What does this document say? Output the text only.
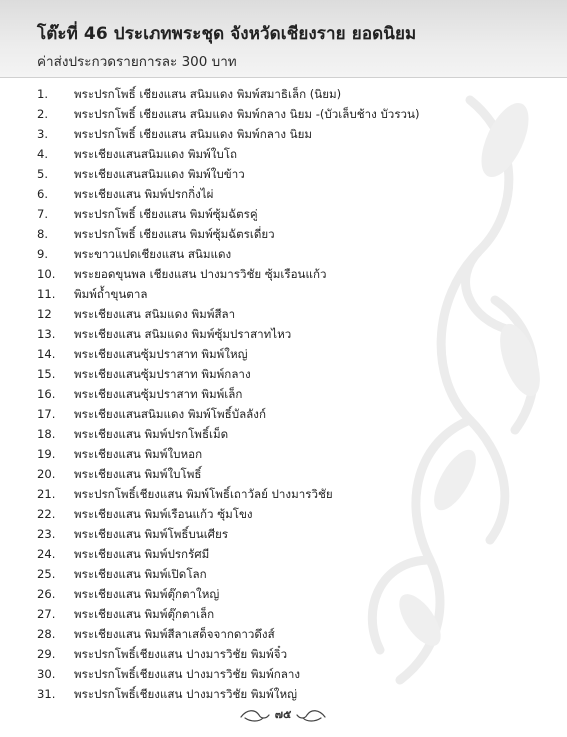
โต๊ะที่ 46 ประเภทพระชุด จังหวัดเชียงราย ยอดนิยม
ค่าส่งประกวดรายการละ 300 บาท
1.	พระปรกโพธิ์ เชียงแสน สนิมแดง พิมพ์สมาธิเล็ก (นิยม)
2.	พระปรกโพธิ์ เชียงแสน สนิมแดง พิมพ์กลาง นิยม -(บัวเล็บช้าง บัวรวน)
3.	พระปรกโพธิ์ เชียงแสน สนิมแดง พิมพ์กลาง นิยม
4.	พระเชียงแสนสนิมแดง พิมพ์ใบโถ
5.	พระเชียงแสนสนิมแดง พิมพ์ใบข้าว
6.	พระเชียงแสน พิมพ์ปรกกิ่งไผ่
7.	พระปรกโพธิ์ เชียงแสน พิมพ์ซุ้มฉัตรคู่
8.	พระปรกโพธิ์ เชียงแสน พิมพ์ซุ้มฉัตรเดี่ยว
9.	พระขาวแปดเชียงแสน สนิมแดง
10.	พระยอดขุนพล เชียงแสน ปางมารวิชัย ซุ้มเรือนแก้ว
11.	พิมพ์ถ้ำขุนตาล
12	พระเชียงแสน สนิมแดง พิมพ์สีลา
13.	พระเชียงแสน สนิมแดง พิมพ์ซุ้มปราสาทไหว
14.	พระเชียงแสนซุ้มปราสาท พิมพ์ใหญ่
15.	พระเชียงแสนซุ้มปราสาท พิมพ์กลาง
16.	พระเชียงแสนซุ้มปราสาท พิมพ์เล็ก
17.	พระเชียงแสนสนิมแดง พิมพ์โพธิ์บัลลังก์
18.	พระเชียงแสน พิมพ์ปรกโพธิ์เม็ด
19.	พระเชียงแสน พิมพ์ใบหอก
20.	พระเชียงแสน พิมพ์ใบโพธิ์
21.	พระปรกโพธิ์เชียงแสน พิมพ์โพธิ์เถาวัลย์ ปางมารวิชัย
22.	พระเชียงแสน พิมพ์เรือนแก้ว ซุ้มโขง
23.	พระเชียงแสน พิมพ์โพธิ์บนเศียร
24.	พระเชียงแสน พิมพ์ปรกรัศมี
25.	พระเชียงแสน พิมพ์เปิดโลก
26.	พระเชียงแสน พิมพ์ตุ๊กตาใหญ่
27.	พระเชียงแสน พิมพ์ตุ๊กตาเล็ก
28.	พระเชียงแสน พิมพ์สีลาเสด็จจากดาวดึงส์
29.	พระปรกโพธิ์เชียงแสน ปางมารวิชัย พิมพ์จิ๋ว
30.	พระปรกโพธิ์เชียงแสน ปางมารวิชัย พิมพ์กลาง
31.	พระปรกโพธิ์เชียงแสน ปางมารวิชัย พิมพ์ใหญ่
๗๕
